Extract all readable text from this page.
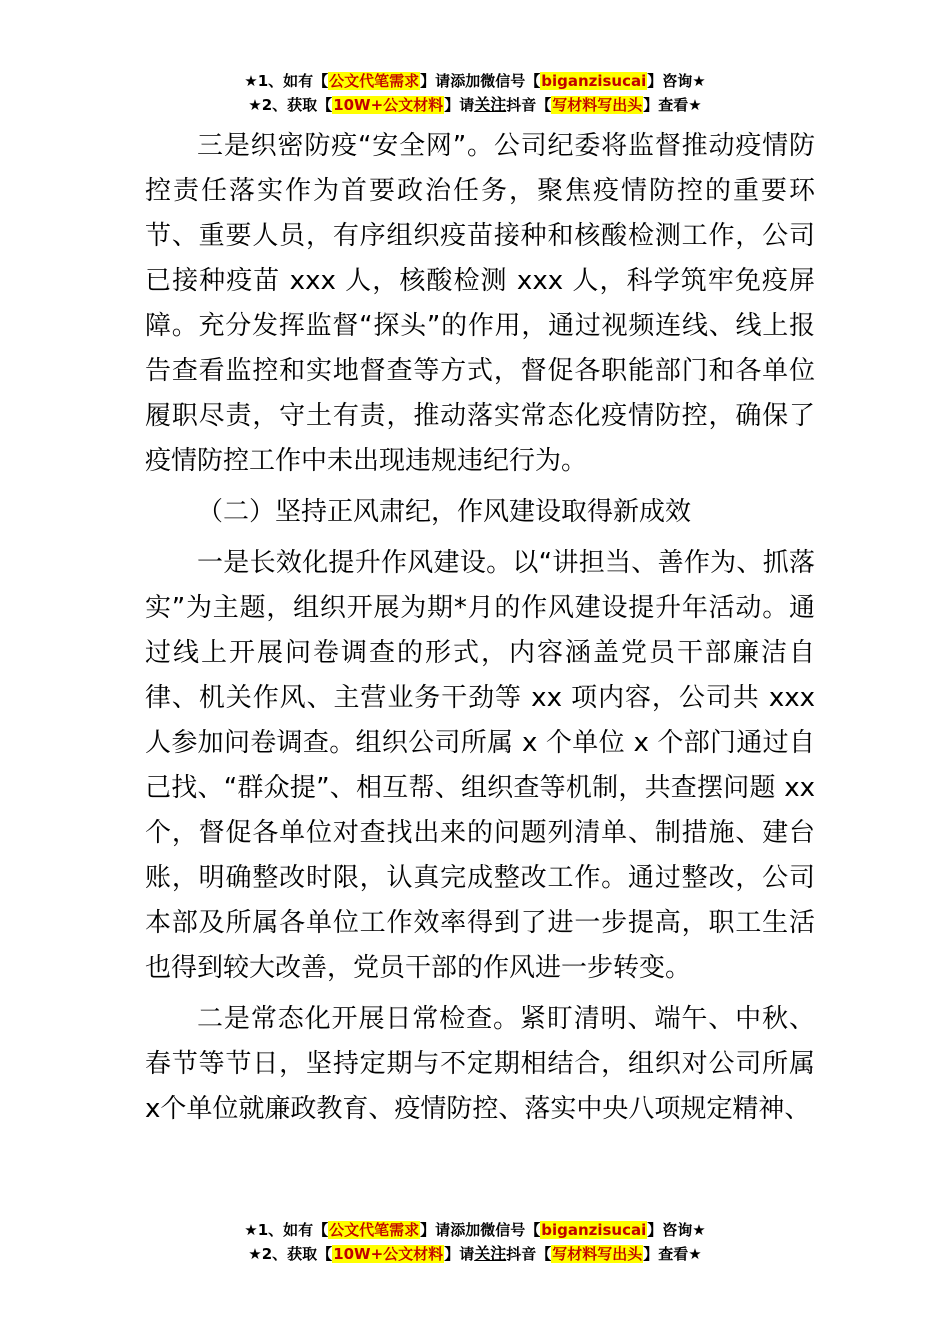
★1、如有【公文代笔需求】请添加微信号【biganzisucai】咨询★
★2、获取【10W+公文材料】请关注抖音【写材料写出头】查看★

三是织密防疫“安全网”。公司纪委将监督推动疫情防控责任落实作为首要政治任务，聚焦疫情防控的重要环节、重要人员，有序组织疫苗接种和核酸检测工作，公司已接种疫苗 xxx 人，核酸检测 xxx 人，科学筑牢免疫屏障。充分发挥监督“探头”的作用，通过视频连线、线上报告查看监控和实地督查等方式，督促各职能部门和各单位履职尽责，守土有责，推动落实常态化疫情防控，确保了疫情防控工作中未出现违规违纪行为。

（二）坚持正风肃纪，作风建设取得新成效

一是长效化提升作风建设。以“讲担当、善作为、抓落实”为主题，组织开展为期*月的作风建设提升年活动。通过线上开展问卷调查的形式，内容涵盖党员干部廉洁自律、机关作风、主营业务干劲等 xx 项内容，公司共 xxx 人参加问卷调查。组织公司所属 x 个单位 x 个部门通过自己找、“群众提”、相互帮、组织查等机制，共查摆问题 xx个，督促各单位对查找出来的问题列清单、制措施、建台账，明确整改时限，认真完成整改工作。通过整改，公司本部及所属各单位工作效率得到了进一步提高，职工生活也得到较大改善，党员干部的作风进一步转变。

二是常态化开展日常检查。紧盯清明、端午、中秋、春节等节日，坚持定期与不定期相结合，组织对公司所属 x个单位就廉政教育、疫情防控、落实中央八项规定精神、

★1、如有【公文代笔需求】请添加微信号【biganzisucai】咨询★
★2、获取【10W+公文材料】请关注抖音【写材料写出头】查看★
